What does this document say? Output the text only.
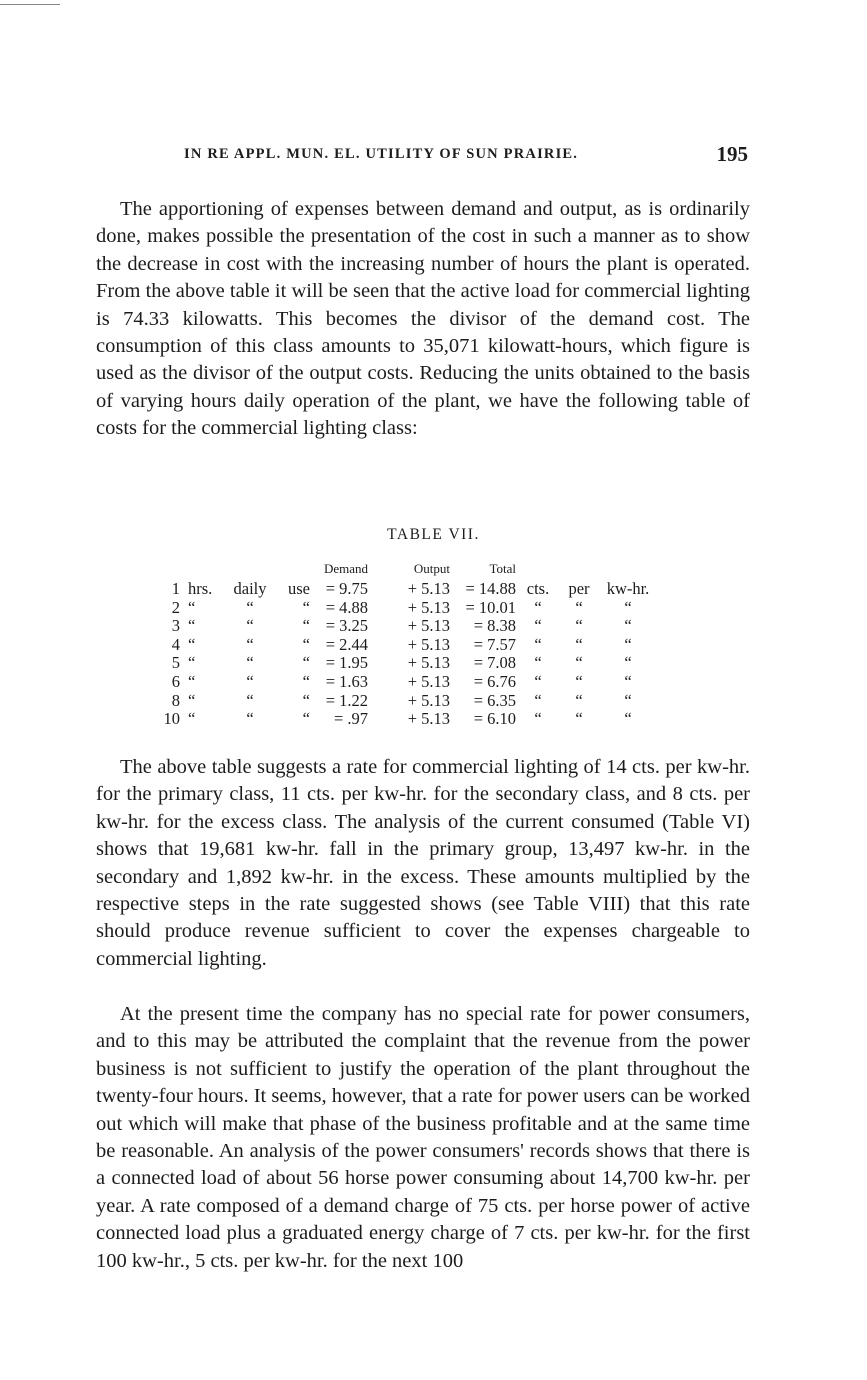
IN RE APPL. MUN. EL. UTILITY OF SUN PRAIRIE.	195

The apportioning of expenses between demand and output, as is ordinarily done, makes possible the presentation of the cost in such a manner as to show the decrease in cost with the increasing number of hours the plant is operated. From the above table it will be seen that the active load for commercial lighting is 74.33 kilowatts. This becomes the divisor of the demand cost. The consumption of this class amounts to 35,071 kilowatt-hours, which figure is used as the divisor of the output costs. Reducing the units obtained to the basis of varying hours daily operation of the plant, we have the following table of costs for the commercial lighting class:

TABLE VII.
				Demand	Output	Total			
1	hrs.	daily	use	= 9.75	+ 5.13	= 14.88	cts.	per	kw-hr.
2	“	“	“	= 4.88	+ 5.13	= 10.01	“	“	“
3	“	“	“	= 3.25	+ 5.13	= 8.38	“	“	“
4	“	“	“	= 2.44	+ 5.13	= 7.57	“	“	“
5	“	“	“	= 1.95	+ 5.13	= 7.08	“	“	“
6	“	“	“	= 1.63	+ 5.13	= 6.76	“	“	“
8	“	“	“	= 1.22	+ 5.13	= 6.35	“	“	“
10	“	“	“	= .97	+ 5.13	= 6.10	“	“	“

The above table suggests a rate for commercial lighting of 14 cts. per kw-hr. for the primary class, 11 cts. per kw-hr. for the secondary class, and 8 cts. per kw-hr. for the excess class. The analysis of the current consumed (Table VI) shows that 19,681 kw-hr. fall in the primary group, 13,497 kw-hr. in the secondary and 1,892 kw-hr. in the excess. These amounts multiplied by the respective steps in the rate suggested shows (see Table VIII) that this rate should produce revenue sufficient to cover the expenses chargeable to commercial lighting.

At the present time the company has no special rate for power consumers, and to this may be attributed the complaint that the revenue from the power business is not sufficient to justify the operation of the plant throughout the twenty-four hours. It seems, however, that a rate for power users can be worked out which will make that phase of the business profitable and at the same time be reasonable. An analysis of the power consumers' records shows that there is a connected load of about 56 horse power consuming about 14,700 kw-hr. per year. A rate composed of a demand charge of 75 cts. per horse power of active connected load plus a graduated energy charge of 7 cts. per kw-hr. for the first 100 kw-hr., 5 cts. per kw-hr. for the next 100
